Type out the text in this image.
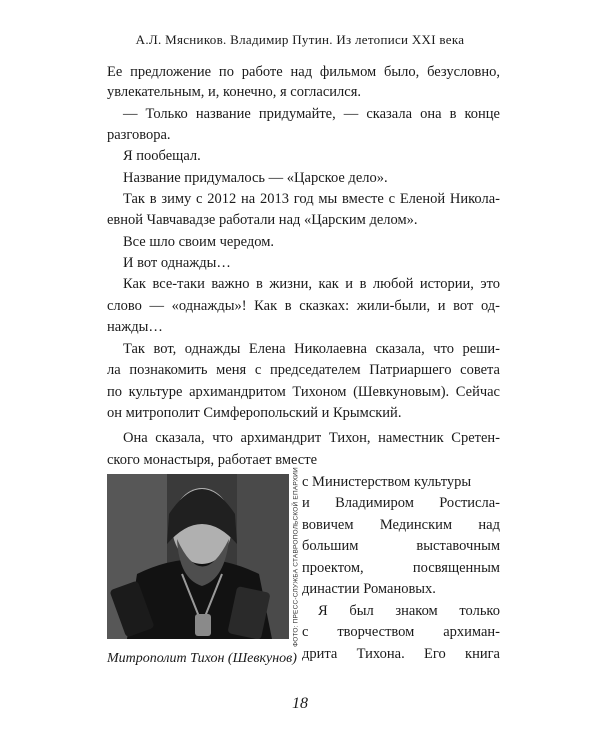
А.Л. Мясников. Владимир Путин. Из летописи XXI века
Ее предложение по работе над фильмом было, безусловно,
увлекательным, и, конечно, я согласился.
— Только название придумайте, — сказала она в конце
разговора.
Я пообещал.
Название придумалось — «Царское дело».
Так в зиму с 2012 на 2013 год мы вместе с Еленой Никола-
евной Чавчавадзе работали над «Царским делом».
Все шло своим чередом.
И вот однажды…
Как все-таки важно в жизни, как и в любой истории, это
слово — «однажды»! Как в сказках: жили-были, и вот од-
нажды…
Так вот, однажды Елена Николаевна сказала, что реши-
ла познакомить меня с председателем Патриаршего совета
по культуре архимандритом Тихоном (Шевкуновым). Сейчас
он митрополит Симферопольский и Крымский.
Она сказала, что архимандрит Тихон, наместник Сретен-
ского монастыря, работает вместе
ФОТО: ПРЕСС-СЛУЖБА СТАВРОПОЛЬСКОЙ ЕПАРХИИ
Митрополит Тихон (Шевкунов)
с Министерством культуры
и Владимиром Ростисла-
вовичем Мединским над
большим выставочным
проектом, посвященным
династии Романовых.
Я был знаком только
с творчеством архиман-
дрита Тихона. Его книга
18
